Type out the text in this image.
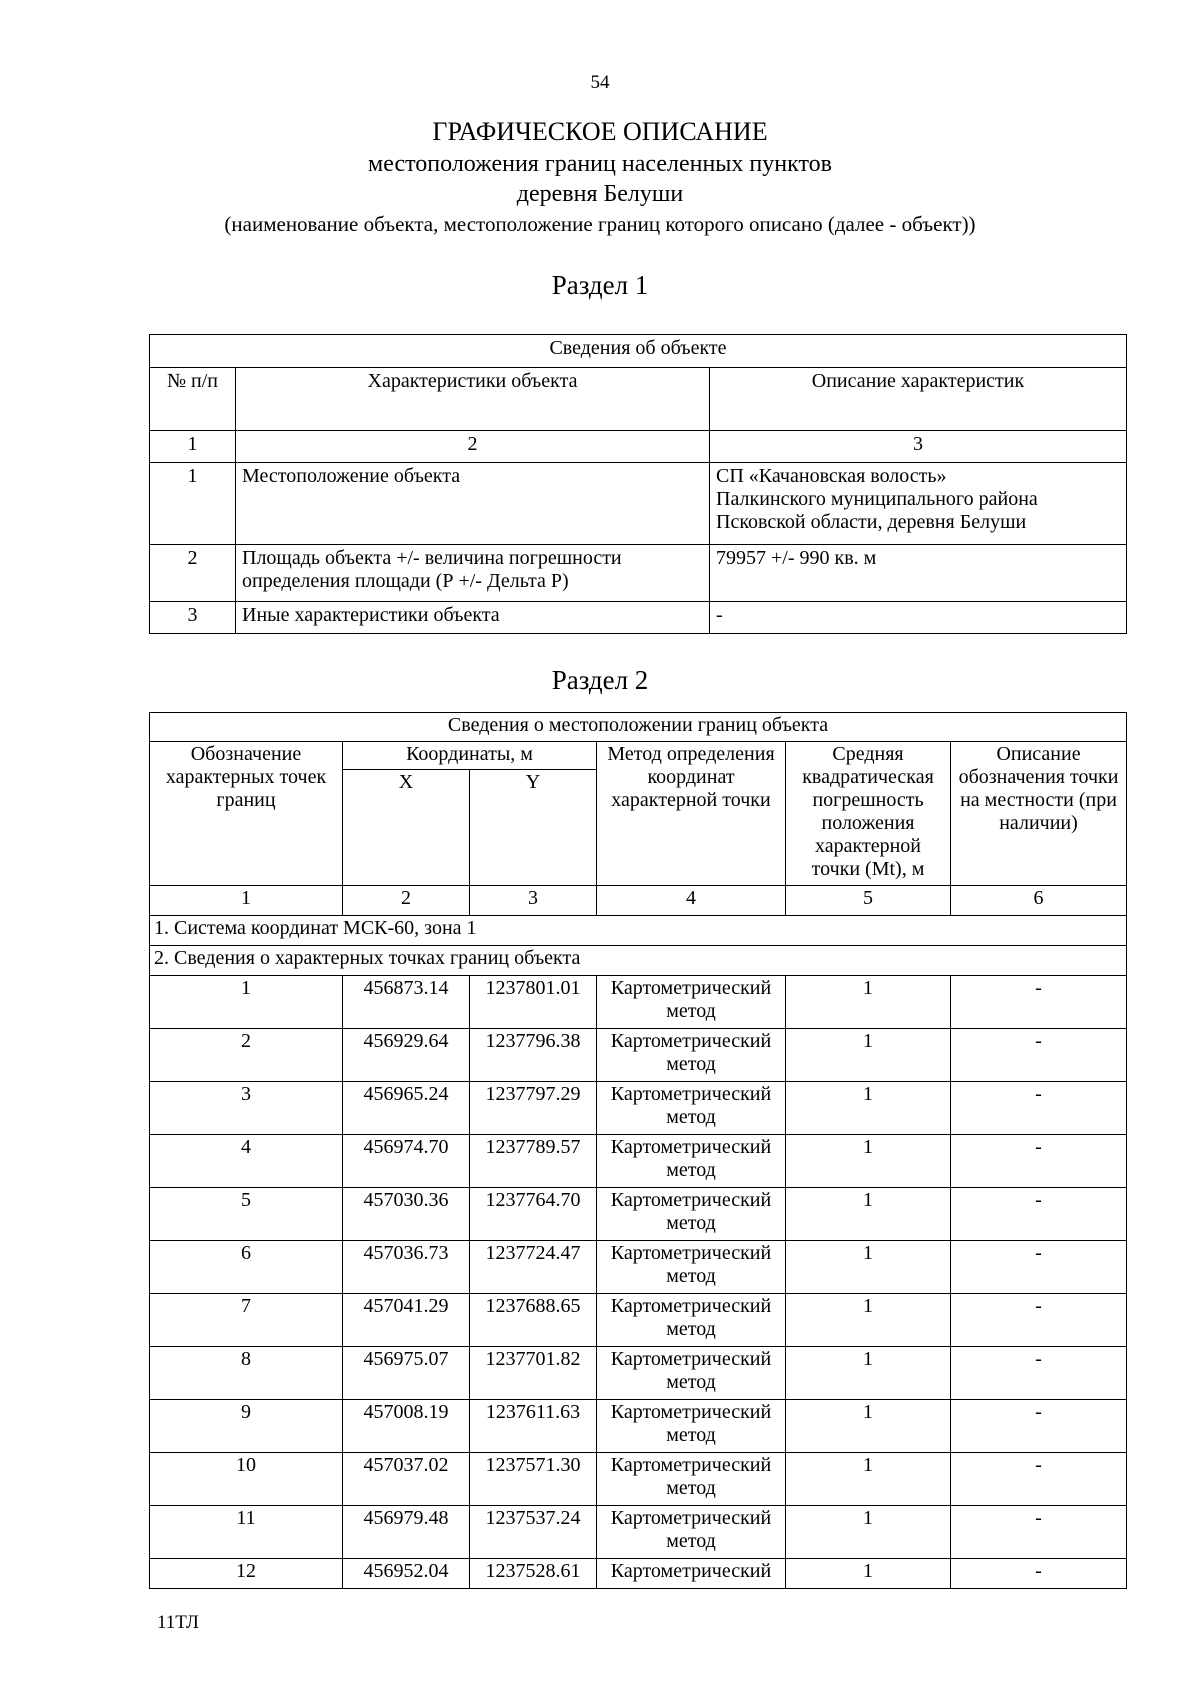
54
ГРАФИЧЕСКОЕ ОПИСАНИЕ
местоположения границ населенных пунктов
деревня Белуши
(наименование объекта, местоположение границ которого описано (далее - объект))
Раздел 1
Сведения об объекте		
№ п/п	Характеристики объекта	Описание характеристик
1	2	3
1	Местоположение объекта	СП «Качановская волость»
Палкинского муниципального района
Псковской области, деревня Белуши

2	Площадь объекта +/- величина погрешности
определения площади (Р +/- Дельта Р)	79957 +/- 990 кв. м
3	Иные характеристики объекта	-
Раздел 2
Сведения о местоположении границ объекта					
Обозначение характерных точек границ	Координаты, м		Метод определения координат характерной точки	Средняя квадратическая погрешность положения характерной точки (Mt), м	Описание обозначения точки на местности (при наличии)
	X	Y			
1	2	3	4	5	6
1. Система координат МСК-60, зона 1					
2. Сведения о характерных точках границ объекта					
1	456873.14	1237801.01	Картометрический метод	1	-
2	456929.64	1237796.38	Картометрический метод	1	-
3	456965.24	1237797.29	Картометрический метод	1	-
4	456974.70	1237789.57	Картометрический метод	1	-
5	457030.36	1237764.70	Картометрический метод	1	-
6	457036.73	1237724.47	Картометрический метод	1	-
7	457041.29	1237688.65	Картометрический метод	1	-
8	456975.07	1237701.82	Картометрический метод	1	-
9	457008.19	1237611.63	Картометрический метод	1	-
10	457037.02	1237571.30	Картометрический метод	1	-
11	456979.48	1237537.24	Картометрический метод	1	-
12	456952.04	1237528.61	Картометрический	1	-
11ТЛ
